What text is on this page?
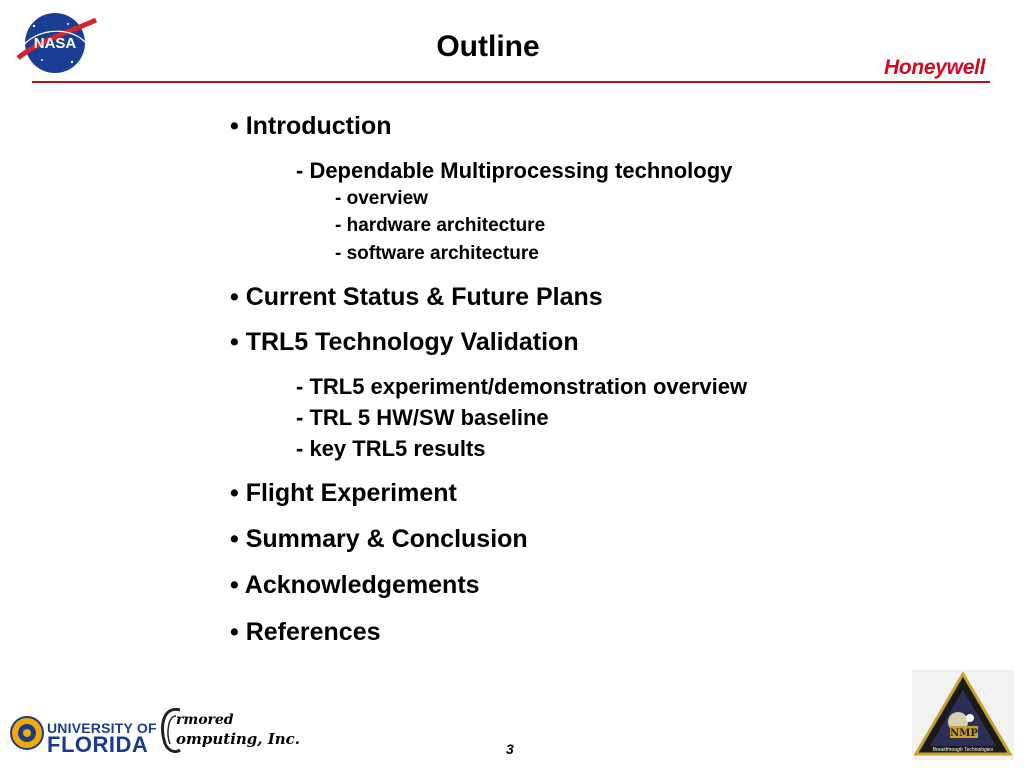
NASA	Outline
Honeywell
• Introduction
- Dependable Multiprocessing technology
- overview
- hardware architecture
- software architecture
• Current Status & Future Plans
• TRL5 Technology Validation
- TRL5 experiment/demonstration overview
- TRL 5 HW/SW baseline
- key TRL5 results
• Flight Experiment
• Summary & Conclusion
• Acknowledgements
• References
UNIVERSITY OF
FLORIDA
rmored
omputing, Inc.
3
NMP
Breakthrough Technologies
